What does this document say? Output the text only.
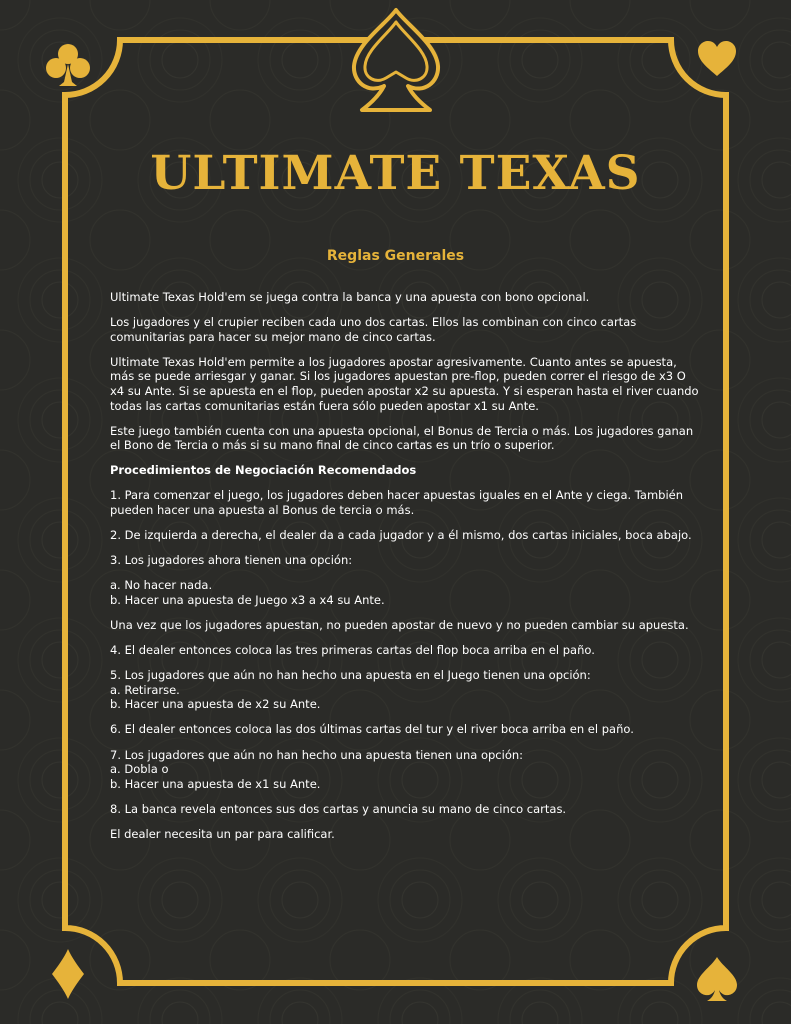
ULTIMATE TEXAS
Reglas Generales

Ultimate Texas Hold'em se juega contra la banca y una apuesta con bono opcional.

Los jugadores y el crupier reciben cada uno dos cartas. Ellos las combinan con cinco cartas comunitarias para hacer su mejor mano de cinco cartas.

Ultimate Texas Hold'em permite a los jugadores apostar agresivamente. Cuanto antes se apuesta, más se puede arriesgar y ganar. Si los jugadores apuestan pre-flop, pueden correr el riesgo de x3 O x4 su Ante. Si se apuesta en el flop, pueden apostar x2 su apuesta. Y si esperan hasta el river cuando todas las cartas comunitarias están fuera sólo pueden apostar x1 su Ante.

Este juego también cuenta con una apuesta opcional, el Bonus de Tercia o más. Los jugadores ganan el Bono de Tercia o más si su mano final de cinco cartas es un trío o superior.

Procedimientos de Negociación Recomendados

1. Para comenzar el juego, los jugadores deben hacer apuestas iguales en el Ante y ciega. También pueden hacer una apuesta al Bonus de tercia o más.

2. De izquierda a derecha, el dealer da a cada jugador y a él mismo, dos cartas iniciales, boca abajo.

3. Los jugadores ahora tienen una opción:

a. No hacer nada.

b. Hacer una apuesta de Juego x3 a x4 su Ante.

Una vez que los jugadores apuestan, no pueden apostar de nuevo y no pueden cambiar su apuesta.

4. El dealer entonces coloca las tres primeras cartas del flop boca arriba en el paño.

5. Los jugadores que aún no han hecho una apuesta en el Juego tienen una opción:

a. Retirarse.

b. Hacer una apuesta de x2 su Ante.

6. El dealer entonces coloca las dos últimas cartas del tur y el river boca arriba en el paño.

7. Los jugadores que aún no han hecho una apuesta tienen una opción:

a. Dobla o

b. Hacer una apuesta de x1 su Ante.

8. La banca revela entonces sus dos cartas y anuncia su mano de cinco cartas.

El dealer necesita un par para calificar.
